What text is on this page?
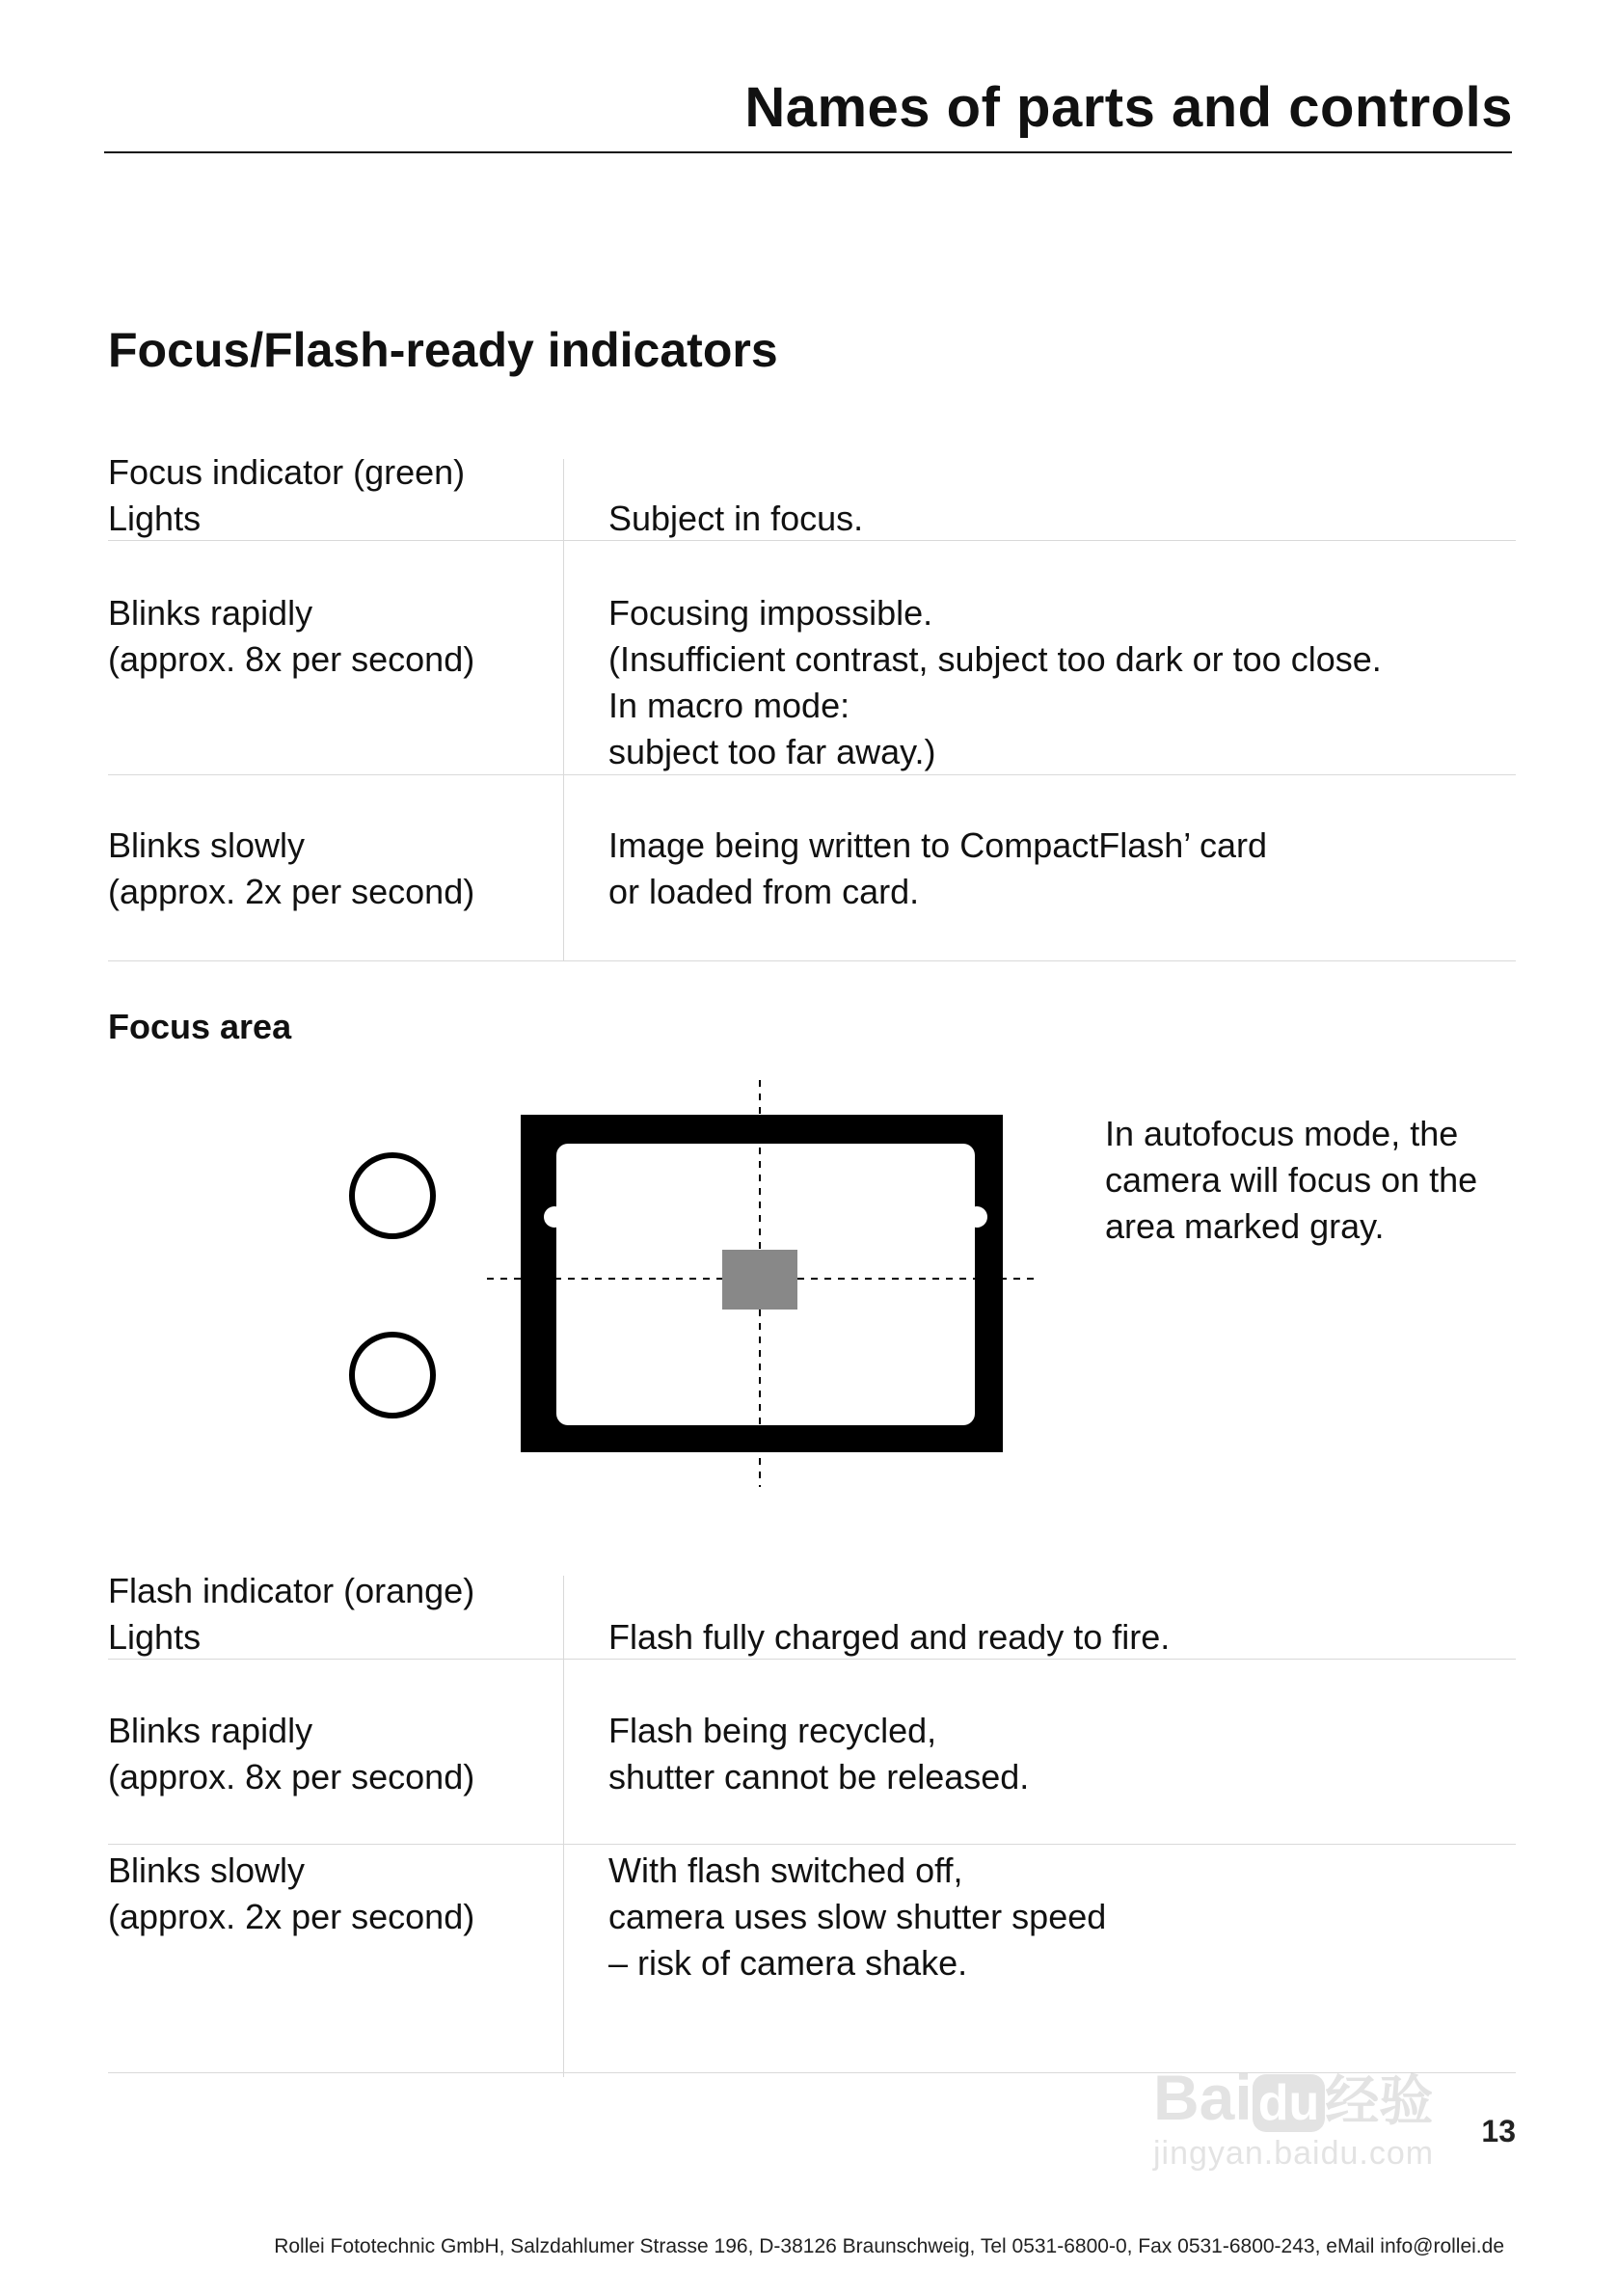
Names of parts and controls
Focus/Flash-ready indicators
Focus indicator (green)
Lights	Subject in focus.
Blinks rapidly
(approx. 8x per second)
Focusing impossible.
(Insufficient contrast, subject too dark or too close.
In macro mode:
subject too far away.)
Blinks slowly
(approx. 2x per second)
Image being written to CompactFlash’ card
or loaded from card.
Focus area
In autofocus mode, the
camera will focus on the
area marked gray.
Flash indicator (orange)
Lights	Flash fully charged and ready to fire.
Blinks rapidly
(approx. 8x per second)
Flash being recycled,
shutter cannot be released.
Blinks slowly
(approx. 2x per second)
With flash switched off,
camera uses slow shutter speed
– risk of camera shake.
13
Bai du 经验
jingyan.baidu.com
Rollei Fototechnic GmbH, Salzdahlumer Strasse 196, D-38126 Braunschweig, Tel 0531-6800-0, Fax 0531-6800-243, eMail info@rollei.de
